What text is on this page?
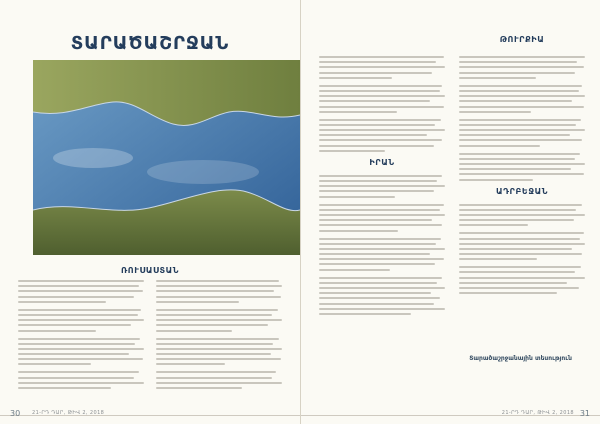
ՏԱՐԱԾԱՇՐՋԱՆ
ՌՈՒՍԱՍՏԱՆ
30 21-ՐԴ ԴԱՐ, ԹԻՎ 2, 2018
ԹՈՒՐՔԻԱ
ԻՐԱՆ
ԱԴՐԲԵՋԱՆ
Տարածաշրջանային տեսություն
21-ՐԴ ԴԱՐ, ԹԻՎ 2, 2018 31
